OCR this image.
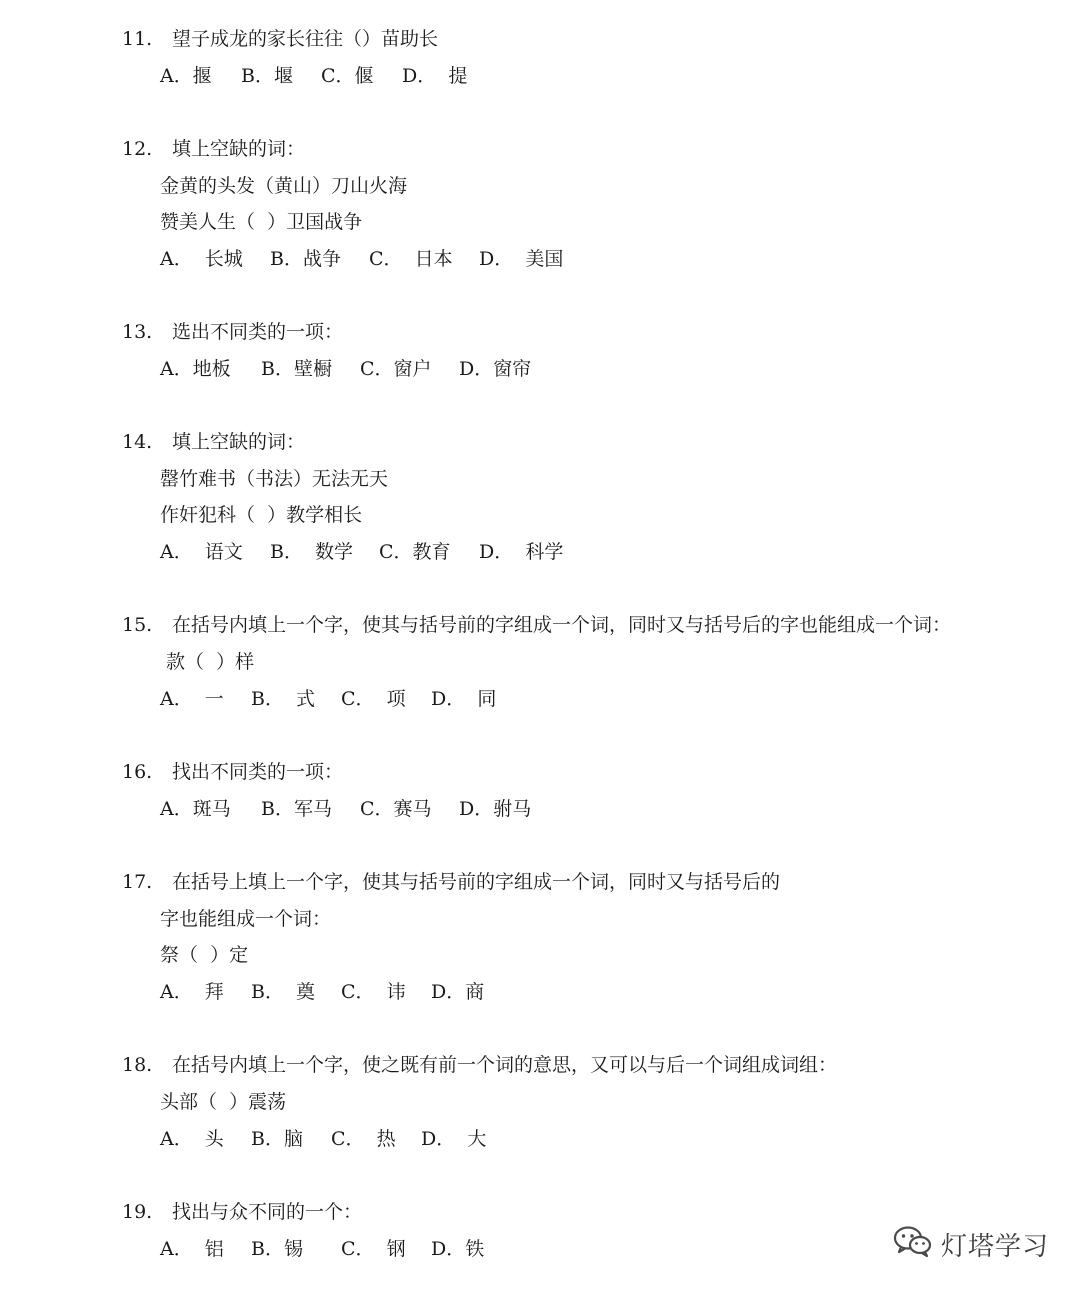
11. 望子成龙的家长往往（）苗助长
A．揠 B．堰 C．偃 D．  提
12. 填上空缺的词：
金黄的头发（黄山）刀山火海
赞美人生（  ）卫国战争
A．  长城 B．战争 C．  日本 D．  美国
13. 选出不同类的一项：
A．地板 B．壁橱 C．窗户 D．窗帘
14. 填上空缺的词：
罄竹难书（书法）无法无天
作奸犯科（  ）教学相长
A．  语文 B．  数学 C．教育 D．  科学
15. 在括号内填上一个字，使其与括号前的字组成一个词，同时又与括号后的字也能组成一个词：
款（  ）样
A．  一 B．  式 C．  项 D．  同
16. 找出不同类的一项：
A．斑马 B．军马 C．赛马 D．驸马
17. 在括号上填上一个字，使其与括号前的字组成一个词，同时又与括号后的
字也能组成一个词：
祭（  ）定
A．  拜 B．  奠 C．  讳 D．商
18. 在括号内填上一个字，使之既有前一个词的意思，又可以与后一个词组成词组：
头部（  ）震荡
A．  头 B．脑 C．  热 D．  大
19. 找出与众不同的一个：
A．  铝 B．锡 C．  钢 D．铁	灯塔学习
